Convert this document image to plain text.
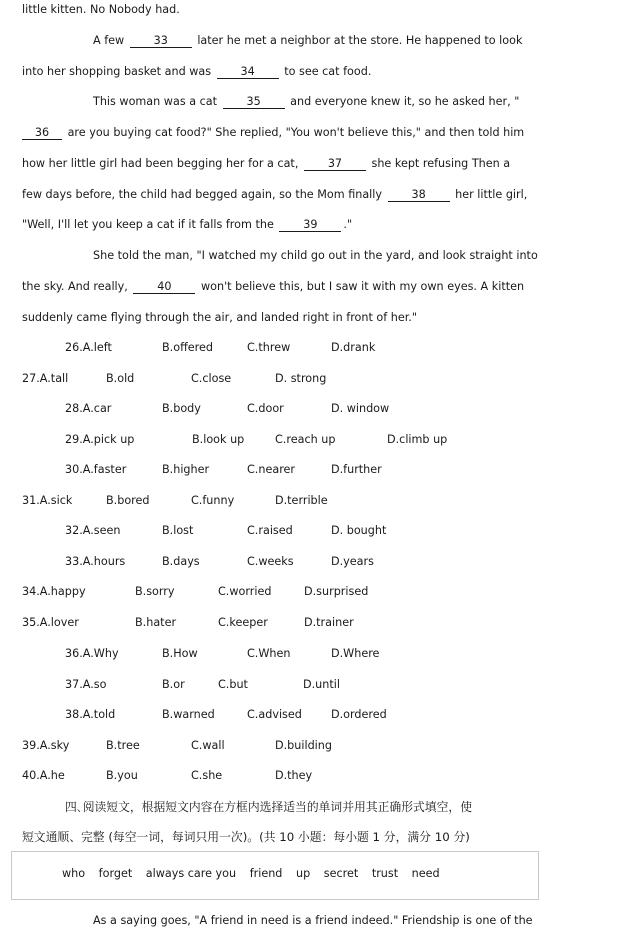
little kitten. No Nobody had.
A few	33	later he met a neighbor at the store. He happened to look
into her shopping basket and was	34	to see cat food.
This woman was a cat	35	and everyone knew it, so he asked her, "
36 are you buying cat food?" She replied, "You won't believe this," and then told him
how her little girl had been begging her for a cat,	37	she kept refusing Then a
few days before, the child had begged again, so the Mom finally	38	her little girl,
"Well, I'll let you keep a cat if it falls from the	39 ."
She told the man, "I watched my child go out in the yard, and look straight into
the sky. And really,	40	won't believe this, but I saw it with my own eyes. A kitten
suddenly came flying through the air, and landed right in front of her."
26.A.left	B.offered	C.threw	D.drank
27.A.tall	B.old	C.close	D. strong
28.A.car	B.body	C.door	D. window
29.A.pick up	B.look up	C.reach up	D.climb up
30.A.faster	B.higher	C.nearer	D.further
31.A.sick	B.bored	C.funny	D.terrible
32.A.seen	B.lost	C.raised	D. bought
33.A.hours	B.days	C.weeks	D.years
34.A.happy	B.sorry	C.worried	D.surprised
35.A.lover	B.hater	C.keeper	D.trainer
36.A.Why	B.How	C.When	D.Where
37.A.so	B.or	C.but	D.until
38.A.told	B.warned	C.advised	D.ordered
39.A.sky	B.tree	C.wall	D.building
40.A.he	B.you	C.she	D.they
四､阅读短文，根据短文内容在方框内选择适当的单词并用其正确形式填空，使
短文通顺、完整 (每空一词，每词只用一次)。(共 10 小题：每小题 1 分，满分 10 分)
who forget always care you friend up secret trust need
As a saying goes, "A friend in need is a friend indeed." Friendship is one of the
